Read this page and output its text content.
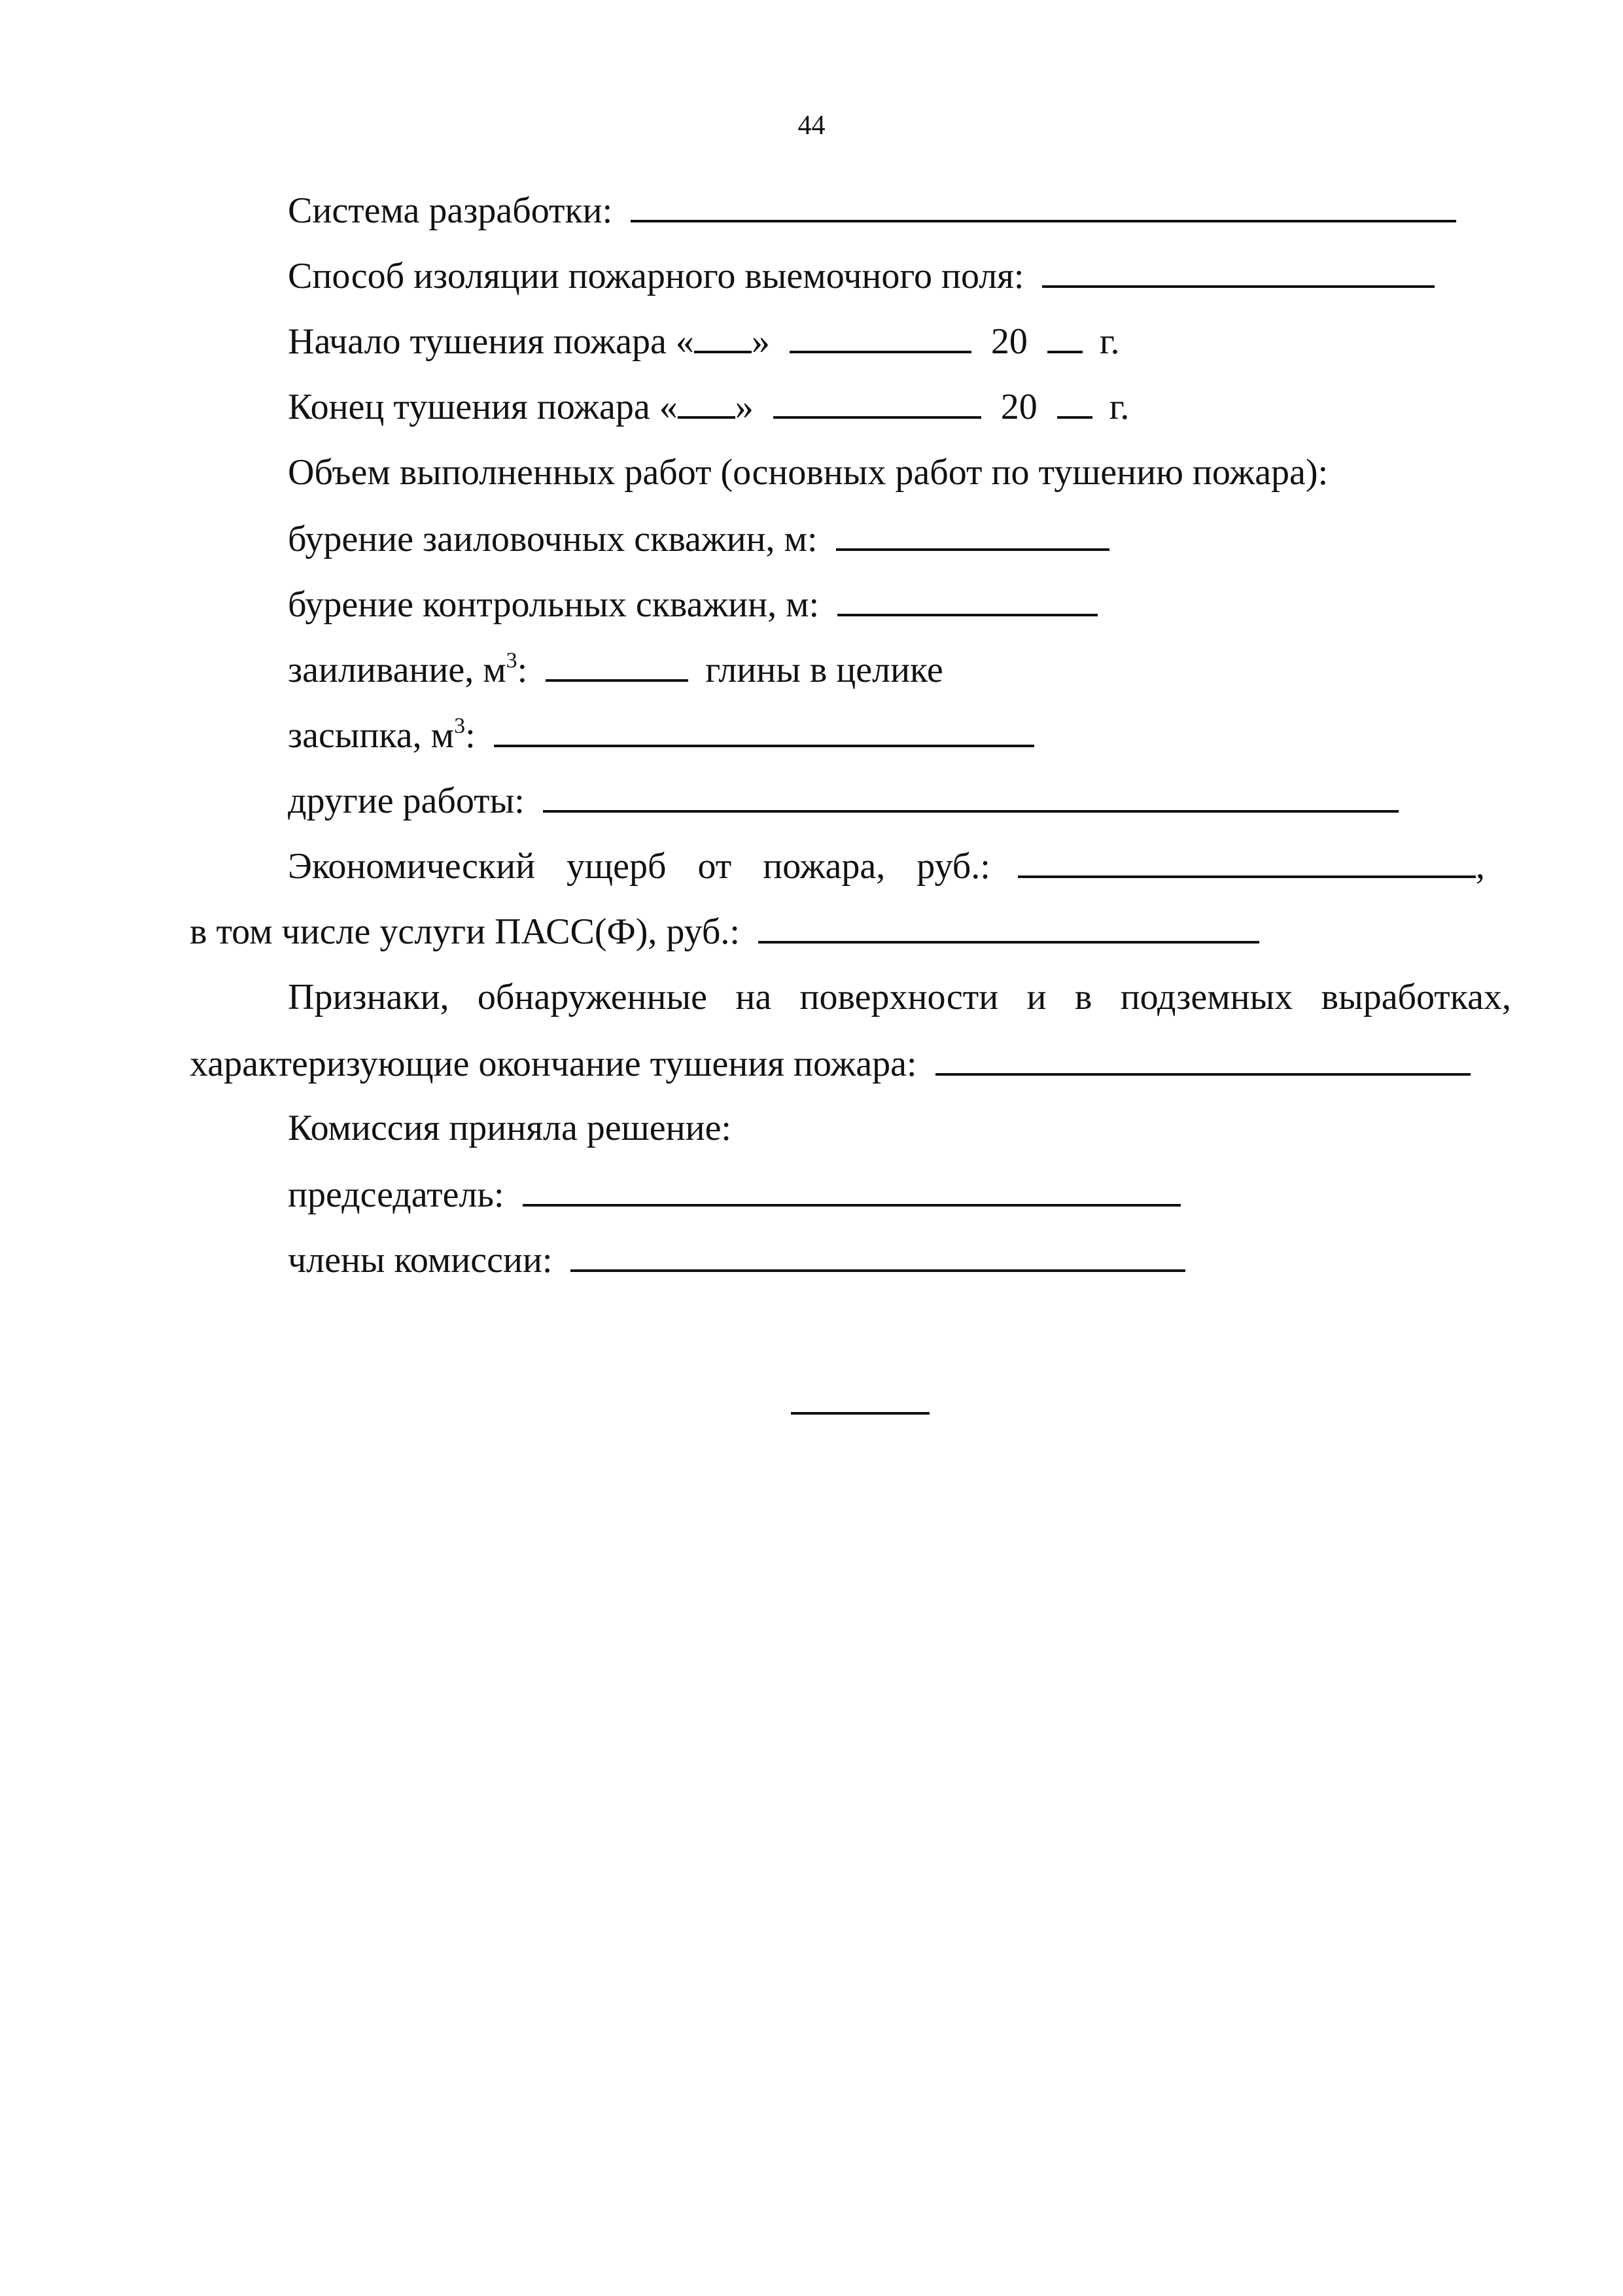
44
Система разработки:
Способ изоляции пожарного выемочного поля:
Начало тушения пожара « »	20 г.
Конец тушения пожара « »	20 г.
Объем выполненных работ (основных работ по тушению пожара):
бурение заиловочных скважин, м:
бурение контрольных скважин, м:
заиливание, $м^3$:	глины в целике
засыпка, $м^3$:
другие работы:
Экономический ущерб от пожара, руб.:	,
в том числе услуги ПАСС(Ф), руб.:
Признаки, обнаруженные на поверхности и в подземных выработках,
характеризующие окончание тушения пожара:
Комиссия приняла решение:
председатель:
члены комиссии:
